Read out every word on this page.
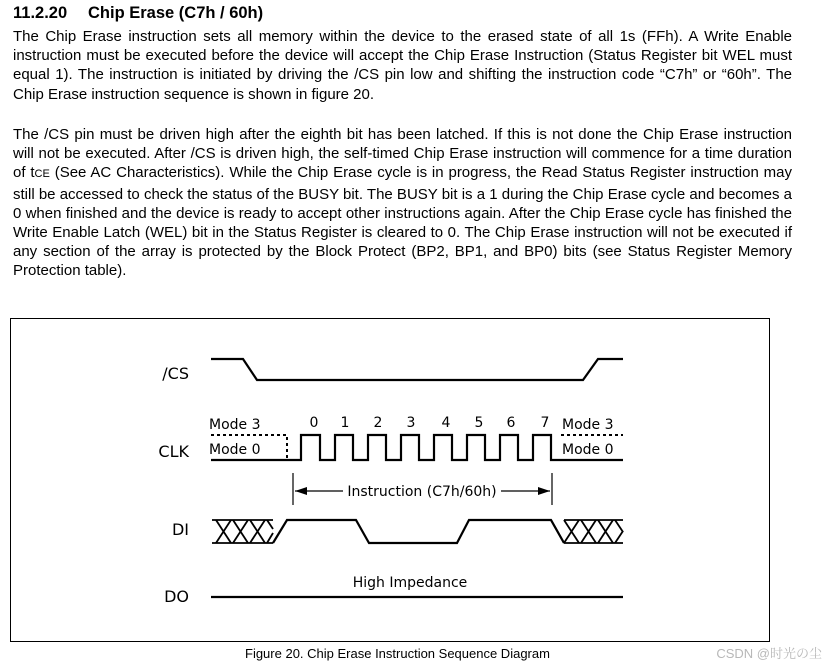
11.2.20 Chip Erase (C7h / 60h)

The Chip Erase instruction sets all memory within the device to the erased state of all 1s (FFh). A Write Enable instruction must be executed before the device will accept the Chip Erase Instruction (Status Register bit WEL must equal 1). The instruction is initiated by driving the /CS pin low and shifting the instruction code “C7h” or “60h”. The Chip Erase instruction sequence is shown in figure 20.

The /CS pin must be driven high after the eighth bit has been latched. If this is not done the Chip Erase instruction will not be executed. After /CS is driven high, the self-timed Chip Erase instruction will commence for a time duration of tCE (See AC Characteristics). While the Chip Erase cycle is in progress, the Read Status Register instruction may still be accessed to check the status of the BUSY bit. The BUSY bit is a 1 during the Chip Erase cycle and becomes a 0 when finished and the device is ready to accept other instructions again. After the Chip Erase cycle has finished the Write Enable Latch (WEL) bit in the Status Register is cleared to 0. The Chip Erase instruction will not be executed if any section of the array is protected by the Block Protect (BP2, BP1, and BP0) bits (see Status Register Memory Protection table).

/CS
CLK
DI
DO
Mode 3
Mode 0
Mode 3
Mode 0
0 1 2 3 4 5 6 7
Instruction (C7h/60h)
High Impedance
Figure 20. Chip Erase Instruction Sequence Diagram	CSDN @时光の尘
